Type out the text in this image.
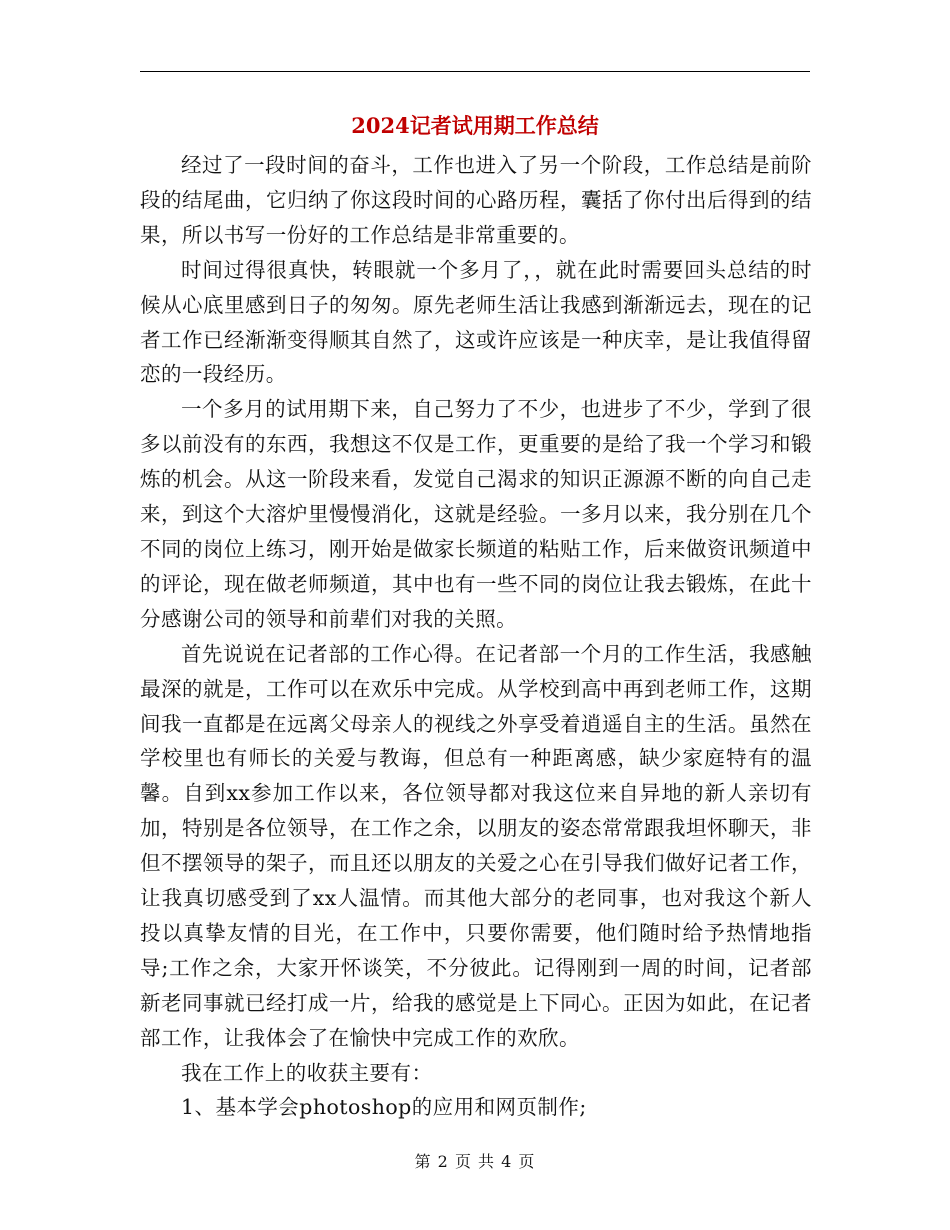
2024记者试用期工作总结

经过了一段时间的奋斗，工作也进入了另一个阶段，工作总结是前阶段的结尾曲，它归纳了你这段时间的心路历程，囊括了你付出后得到的结果，所以书写一份好的工作总结是非常重要的。

时间过得很真快，转眼就一个多月了，，就在此时需要回头总结的时候从心底里感到日子的匆匆。原先老师生活让我感到渐渐远去，现在的记者工作已经渐渐变得顺其自然了，这或许应该是一种庆幸，是让我值得留恋的一段经历。

一个多月的试用期下来，自己努力了不少，也进步了不少，学到了很多以前没有的东西，我想这不仅是工作，更重要的是给了我一个学习和锻炼的机会。从这一阶段来看，发觉自己渴求的知识正源源不断的向自己走来，到这个大溶炉里慢慢消化，这就是经验。一多月以来，我分别在几个不同的岗位上练习，刚开始是做家长频道的粘贴工作，后来做资讯频道中的评论，现在做老师频道，其中也有一些不同的岗位让我去锻炼，在此十分感谢公司的领导和前辈们对我的关照。

首先说说在记者部的工作心得。在记者部一个月的工作生活，我感触最深的就是，工作可以在欢乐中完成。从学校到高中再到老师工作，这期间我一直都是在远离父母亲人的视线之外享受着逍遥自主的生活。虽然在学校里也有师长的关爱与教诲，但总有一种距离感，缺少家庭特有的温馨。自到xx参加工作以来，各位领导都对我这位来自异地的新人亲切有加，特别是各位领导，在工作之余，以朋友的姿态常常跟我坦怀聊天，非但不摆领导的架子，而且还以朋友的关爱之心在引导我们做好记者工作，让我真切感受到了xx人温情。而其他大部分的老同事，也对我这个新人投以真挚友情的目光，在工作中，只要你需要，他们随时给予热情地指导;工作之余，大家开怀谈笑，不分彼此。记得刚到一周的时间，记者部新老同事就已经打成一片，给我的感觉是上下同心。正因为如此，在记者部工作，让我体会了在愉快中完成工作的欢欣。

我在工作上的收获主要有：

1、基本学会photoshop的应用和网页制作;

第 2 页 共 4 页
